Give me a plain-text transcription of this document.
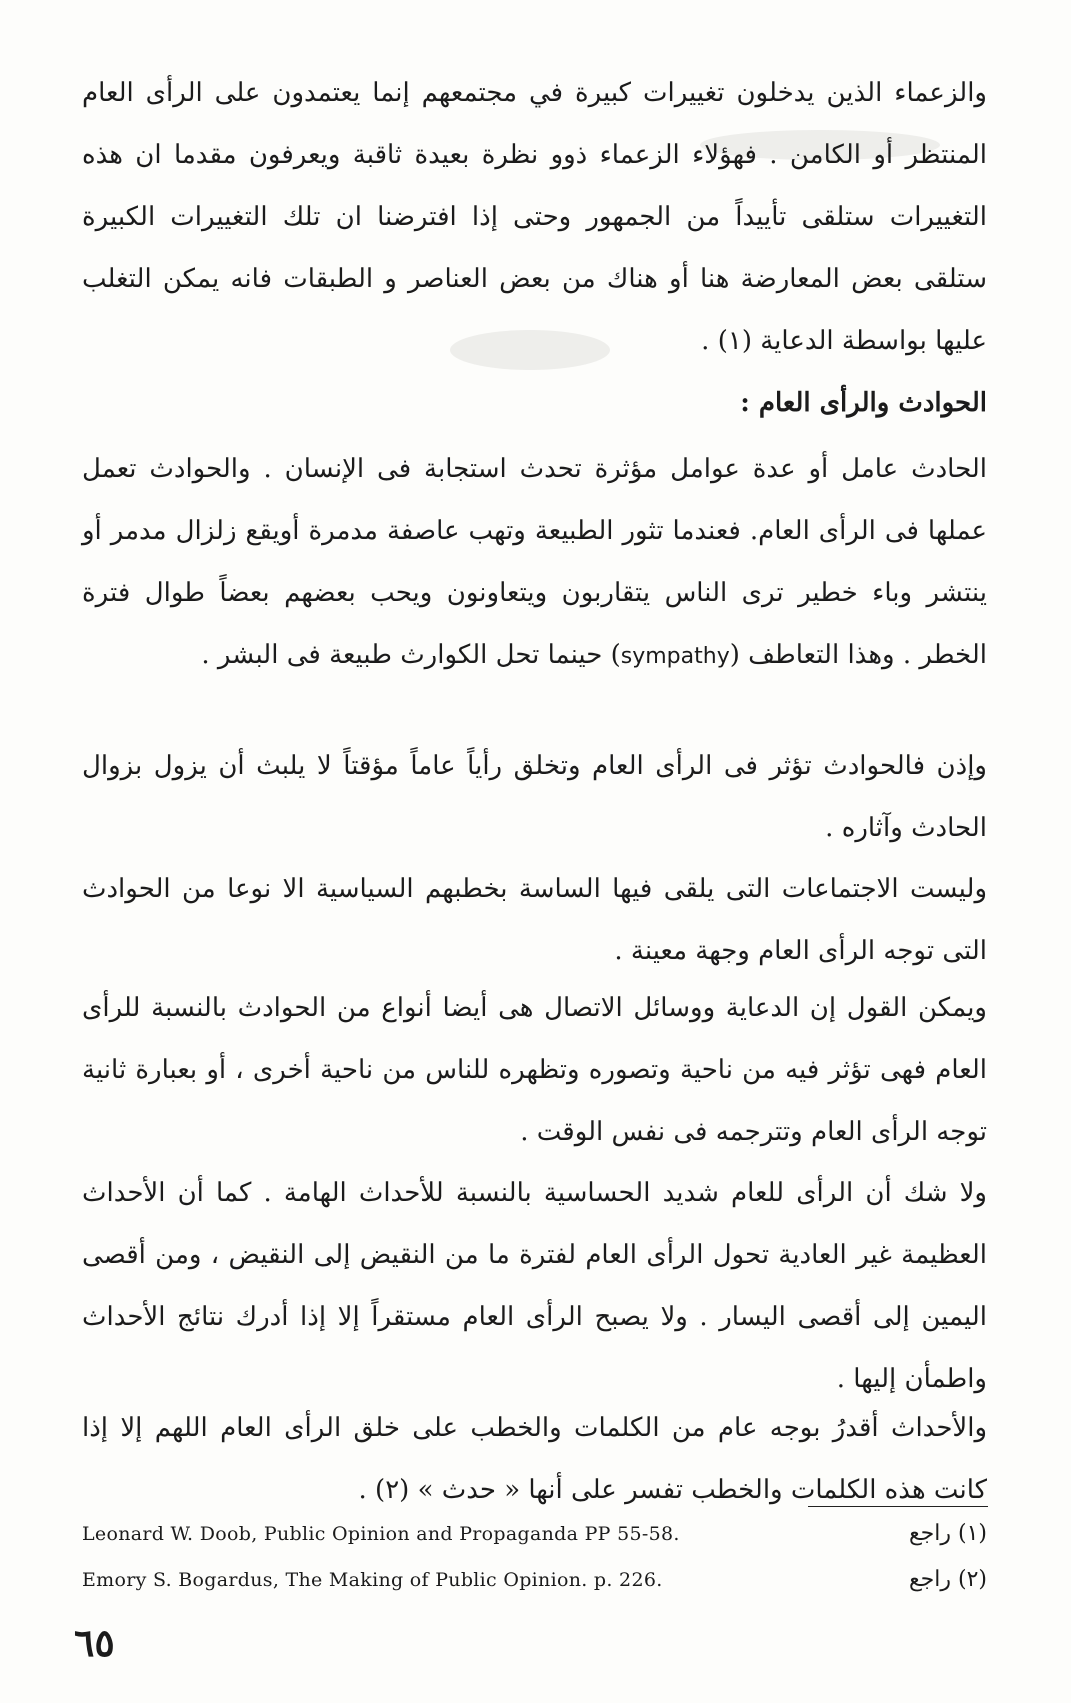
والزعماء الذين يدخلون تغييرات كبيرة في مجتمعهم إنما يعتمدون على الرأى العام المنتظر أو الكامن . فهؤلاء الزعماء ذوو نظرة بعيدة ثاقبة ويعرفون مقدما ان هذه التغييرات ستلقى تأييداً من الجمهور وحتى إذا افترضنا ان تلك التغييرات الكبيرة ستلقى بعض المعارضة هنا أو هناك من بعض العناصر و الطبقات فانه يمكن التغلب عليها بواسطة الدعاية (١) .
الحوادث والرأى العام :
الحادث عامل أو عدة عوامل مؤثرة تحدث استجابة فى الإنسان . والحوادث تعمل عملها فى الرأى العام. فعندما تثور الطبيعة وتهب عاصفة مدمرة أويقع زلزال مدمر أو ينتشر وباء خطير ترى الناس يتقاربون ويتعاونون ويحب بعضهم بعضاً طوال فترة الخطر . وهذا التعاطف (sympathy) حينما تحل الكوارث طبيعة فى البشر .
وإذن فالحوادث تؤثر فى الرأى العام وتخلق رأياً عاماً مؤقتاً لا يلبث أن يزول بزوال الحادث وآثاره .
وليست الاجتماعات التى يلقى فيها الساسة بخطبهم السياسية الا نوعا من الحوادث التى توجه الرأى العام وجهة معينة .
ويمكن القول إن الدعاية ووسائل الاتصال هى أيضا أنواع من الحوادث بالنسبة للرأى العام فهى تؤثر فيه من ناحية وتصوره وتظهره للناس من ناحية أخرى ، أو بعبارة ثانية توجه الرأى العام وتترجمه فى نفس الوقت .
ولا شك أن الرأى للعام شديد الحساسية بالنسبة للأحداث الهامة . كما أن الأحداث العظيمة غير العادية تحول الرأى العام لفترة ما من النقيض إلى النقيض ، ومن أقصى اليمين إلى أقصى اليسار . ولا يصبح الرأى العام مستقراً إلا إذا أدرك نتائج الأحداث واطمأن إليها .
والأحداث أقدرُ بوجه عام من الكلمات والخطب على خلق الرأى العام اللهم إلا إذا كانت هذه الكلمات والخطب تفسر على أنها « حدث » (٢) .
Leonard W. Doob, Public Opinion and Propaganda PP 55-58.	(١) راجع
Emory S. Bogardus, The Making of Public Opinion. p. 226.	(٢) راجع
٦٥
